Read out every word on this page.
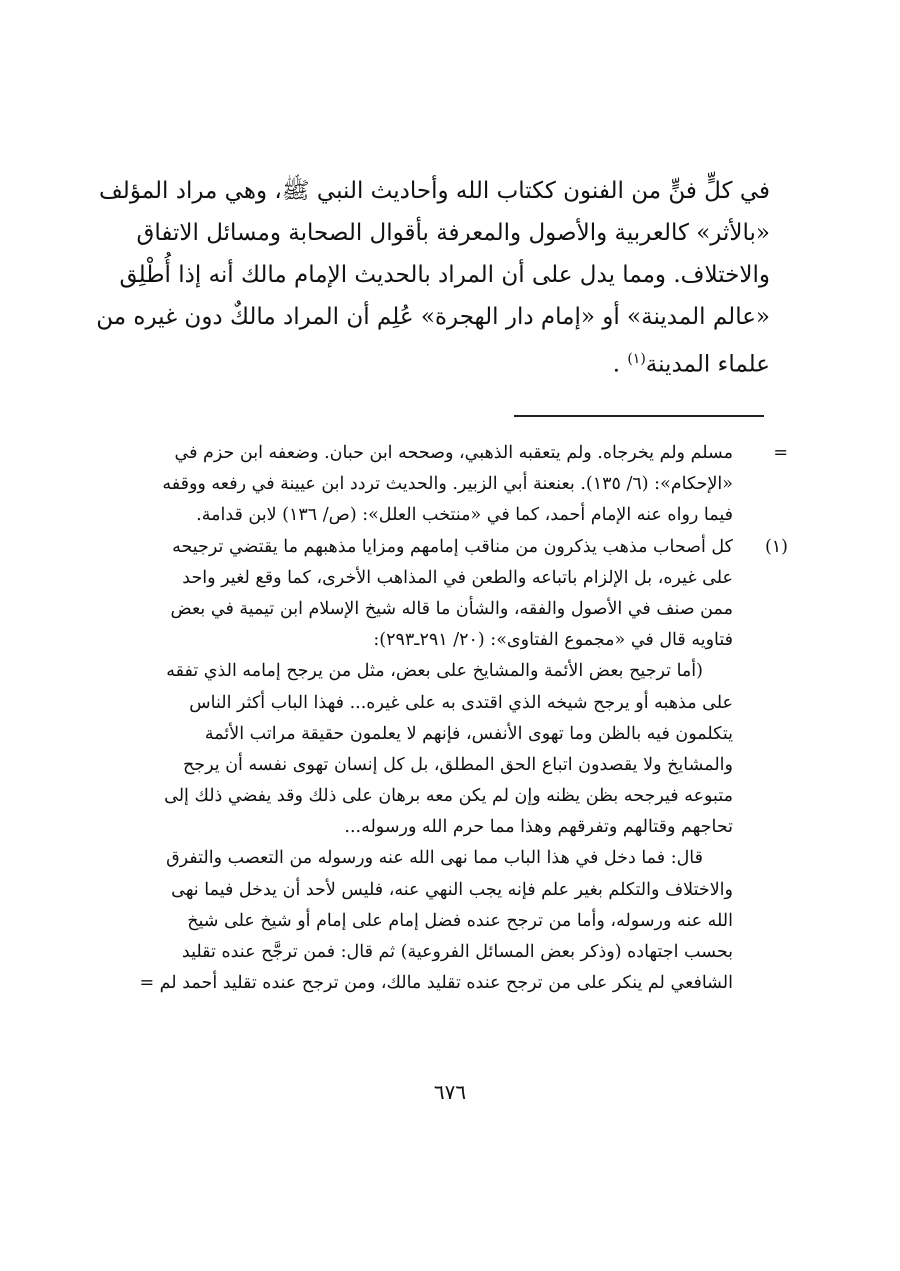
في كلٍّ فنٍّ من الفنون ككتاب الله وأحاديث النبي ﷺ، وهي مراد المؤلف
«بالأثر» كالعربية والأصول والمعرفة بأقوال الصحابة ومسائل الاتفاق
والاختلاف. ومما يدل على أن المراد بالحديث الإمام مالك أنه إذا أُطْلِق
«عالم المدينة» أو «إمام دار الهجرة» عُلِم أن المراد مالكٌ دون غيره من
علماء المدينة$^{(١)}$ .
=
مسلم ولم يخرجاه. ولم يتعقبه الذهبي، وصححه ابن حبان. وضعفه ابن حزم في
«الإحكام»: (٦/ ١٣٥). بعنعنة أبي الزبير. والحديث تردد ابن عيينة في رفعه ووقفه
فيما رواه عنه الإمام أحمد، كما في «منتخب العلل»: (ص/ ١٣٦) لابن قدامة.
(١)
كل أصحاب مذهب يذكرون من مناقب إمامهم ومزايا مذهبهم ما يقتضي ترجيحه
على غيره، بل الإلزام باتباعه والطعن في المذاهب الأخرى، كما وقع لغير واحد
ممن صنف في الأصول والفقه، والشأن ما قاله شيخ الإسلام ابن تيمية في بعض
فتاويه قال في «مجموع الفتاوى»: (٢٠/ ٢٩١ـ٢٩٣):
(أما ترجيح بعض الأئمة والمشايخ على بعض، مثل من يرجح إمامه الذي تفقه
على مذهبه أو يرجح شيخه الذي اقتدى به على غيره... فهذا الباب أكثر الناس
يتكلمون فيه بالظن وما تهوى الأنفس، فإنهم لا يعلمون حقيقة مراتب الأئمة
والمشايخ ولا يقصدون اتباع الحق المطلق، بل كل إنسان تهوى نفسه أن يرجح
متبوعه فيرجحه بظن يظنه وإن لم يكن معه برهان على ذلك وقد يفضي ذلك إلى
تحاجهم وقتالهم وتفرقهم وهذا مما حرم الله ورسوله...
قال: فما دخل في هذا الباب مما نهى الله عنه ورسوله من التعصب والتفرق
والاختلاف والتكلم بغير علم فإنه يجب النهي عنه، فليس لأحد أن يدخل فيما نهى
الله عنه ورسوله، وأما من ترجح عنده فضل إمام على إمام أو شيخ على شيخ
بحسب اجتهاده (وذكر بعض المسائل الفروعية) ثم قال: فمن ترجَّح عنده تقليد
الشافعي لم ينكر على من ترجح عنده تقليد مالك، ومن ترجح عنده تقليد أحمد لم =
٦٧٦
